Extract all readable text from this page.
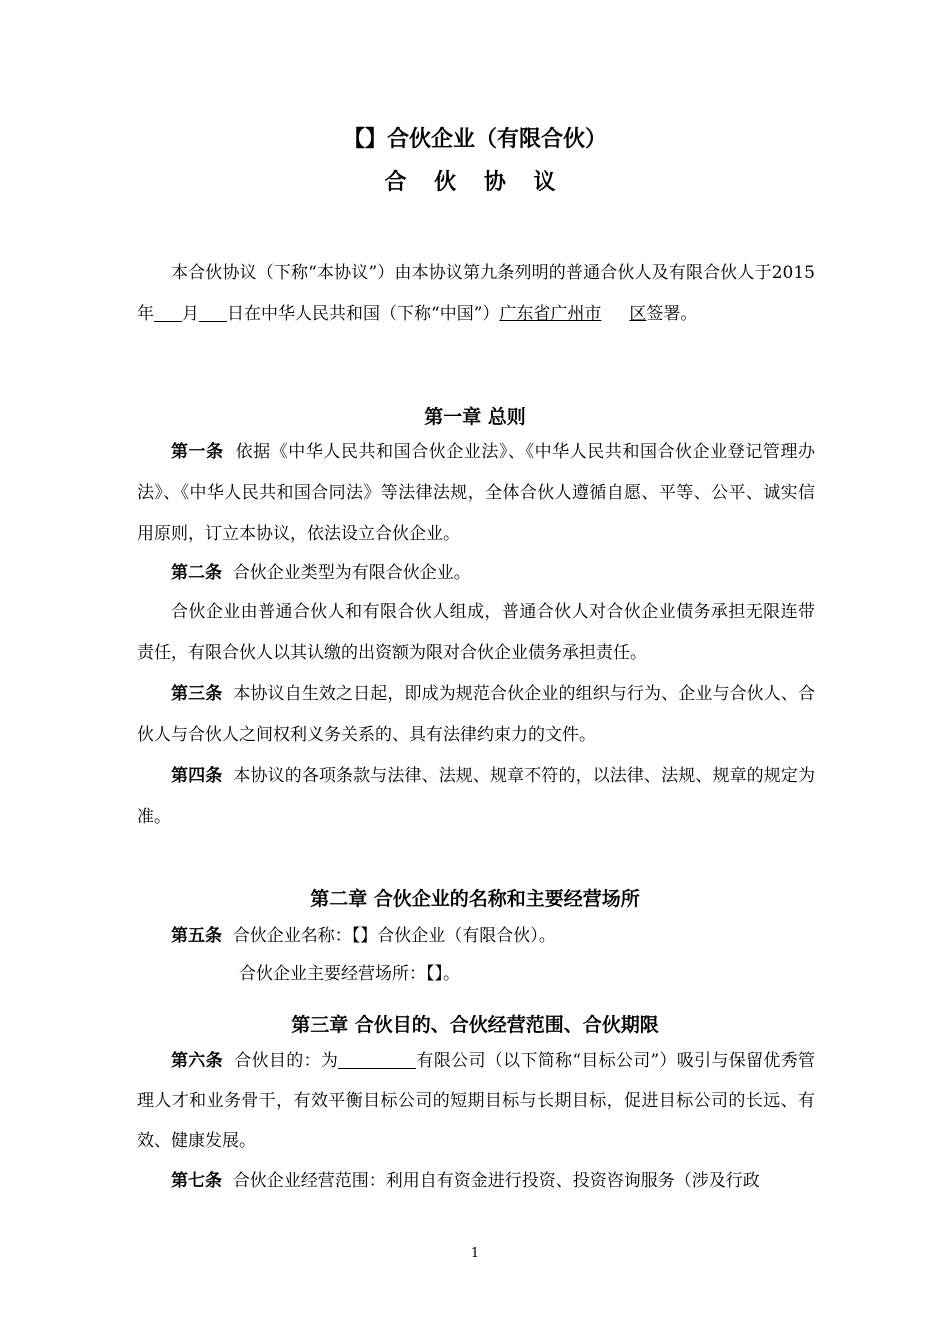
【】合伙企业（有限合伙）
合 伙 协 议

本合伙协议（下称“本协议”）由本协议第九条列明的普通合伙人及有限合伙人于2015年 月 日在中华人民共和国（下称“中国”）广东省广州市 区签署。

第一章 总则

第一条 依据《中华人民共和国合伙企业法》、《中华人民共和国合伙企业登记管理办法》、《中华人民共和国合同法》等法律法规，全体合伙人遵循自愿、平等、公平、诚实信用原则，订立本协议，依法设立合伙企业。

第二条 合伙企业类型为有限合伙企业。

合伙企业由普通合伙人和有限合伙人组成，普通合伙人对合伙企业债务承担无限连带责任，有限合伙人以其认缴的出资额为限对合伙企业债务承担责任。

第三条 本协议自生效之日起，即成为规范合伙企业的组织与行为、企业与合伙人、合伙人与合伙人之间权利义务关系的、具有法律约束力的文件。

第四条 本协议的各项条款与法律、法规、规章不符的，以法律、法规、规章的规定为准。

第二章 合伙企业的名称和主要经营场所

第五条 合伙企业名称：【】合伙企业（有限合伙）。

合伙企业主要经营场所：【】。

第三章 合伙目的、合伙经营范围、合伙期限

第六条 合伙目的：为	有限公司（以下简称“目标公司”）吸引与保留优秀管理人才和业务骨干，有效平衡目标公司的短期目标与长期目标，促进目标公司的长远、有效、健康发展。

第七条 合伙企业经营范围：利用自有资金进行投资、投资咨询服务（涉及行政

1
